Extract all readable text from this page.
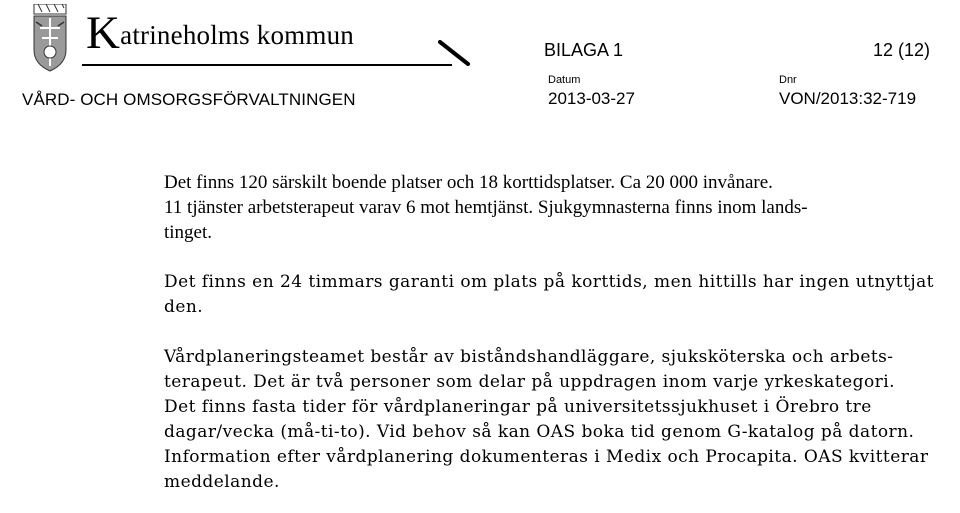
Katrineholms kommun	BILAGA 1	12 (12)
VÅRD- OCH OMSORGSFÖRVALTNINGEN
Datum	Dnr
2013-03-27	VON/2013:32-719

Det finns 120 särskilt boende platser och 18 korttidsplatser. Ca 20 000 invånare.
11 tjänster arbetsterapeut varav 6 mot hemtjänst. Sjukgymnasterna finns inom lands-
tinget.

Det finns en 24 timmars garanti om plats på korttids, men hittills har ingen utnyttjat
den.

Vårdplaneringsteamet består av biståndshandläggare, sjuksköterska och arbets-
terapeut. Det är två personer som delar på uppdragen inom varje yrkeskategori.
Det finns fasta tider för vårdplaneringar på universitetssjukhuset i Örebro tre
dagar/vecka (må-ti-to). Vid behov så kan OAS boka tid genom G-katalog på datorn.
Information efter vårdplanering dokumenteras i Medix och Procapita. OAS kvitterar
meddelande.
